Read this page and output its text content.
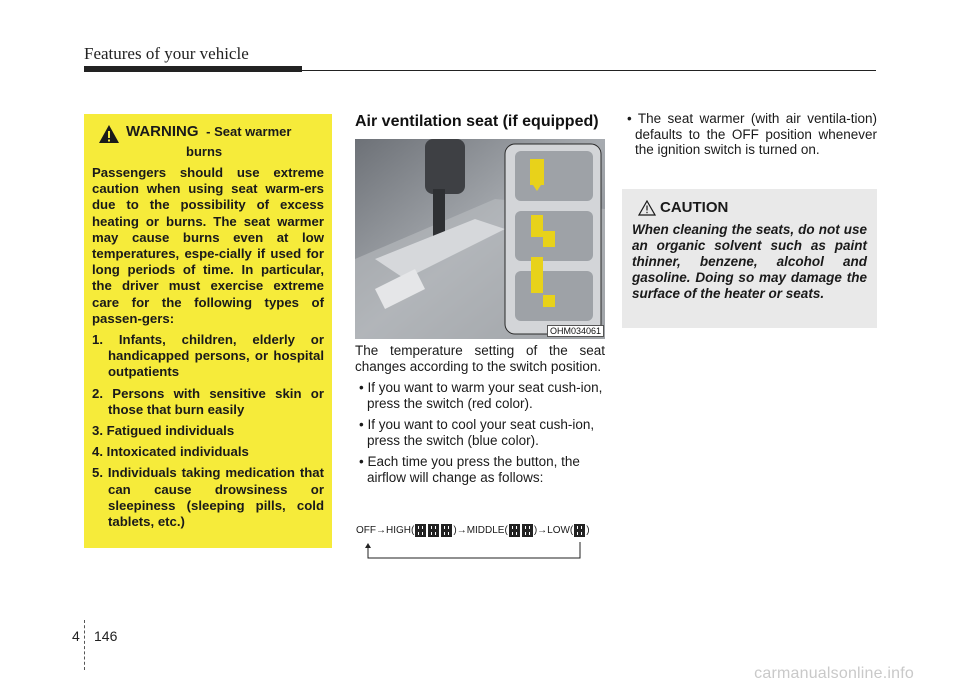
Features of your vehicle
WARNING - Seat warmer
burns
Passengers should use extreme caution when using seat warm-ers due to the possibility of excess heating or burns. The seat warmer may cause burns even at low temperatures, espe-cially if used for long periods of time. In particular, the driver must exercise extreme care for the following types of passen-gers:
1. Infants, children, elderly or handicapped persons, or hospital outpatients
2. Persons with sensitive skin or those that burn easily
3. Fatigued individuals
4. Intoxicated individuals
5. Individuals taking medication that can cause drowsiness or sleepiness (sleeping pills, cold tablets, etc.)
Air ventilation seat (if equipped)
OHM034061

The temperature setting of the seat changes according to the switch position.

• If you want to warm your seat cush-ion, press the switch (red color).
• If you want to cool your seat cush-ion, press the switch (blue color).
• Each time you press the button, the airflow will change as follows:
OFF → HIGH(	) → MIDDLE(	) → LOW( )
• The seat warmer (with air ventila-tion) defaults to the OFF position whenever the ignition switch is turned on.
CAUTION
When cleaning the seats, do not use an organic solvent such as paint thinner, benzene, alcohol and gasoline. Doing so may damage the surface of the heater or seats.
4 146
carmanualsonline.info
